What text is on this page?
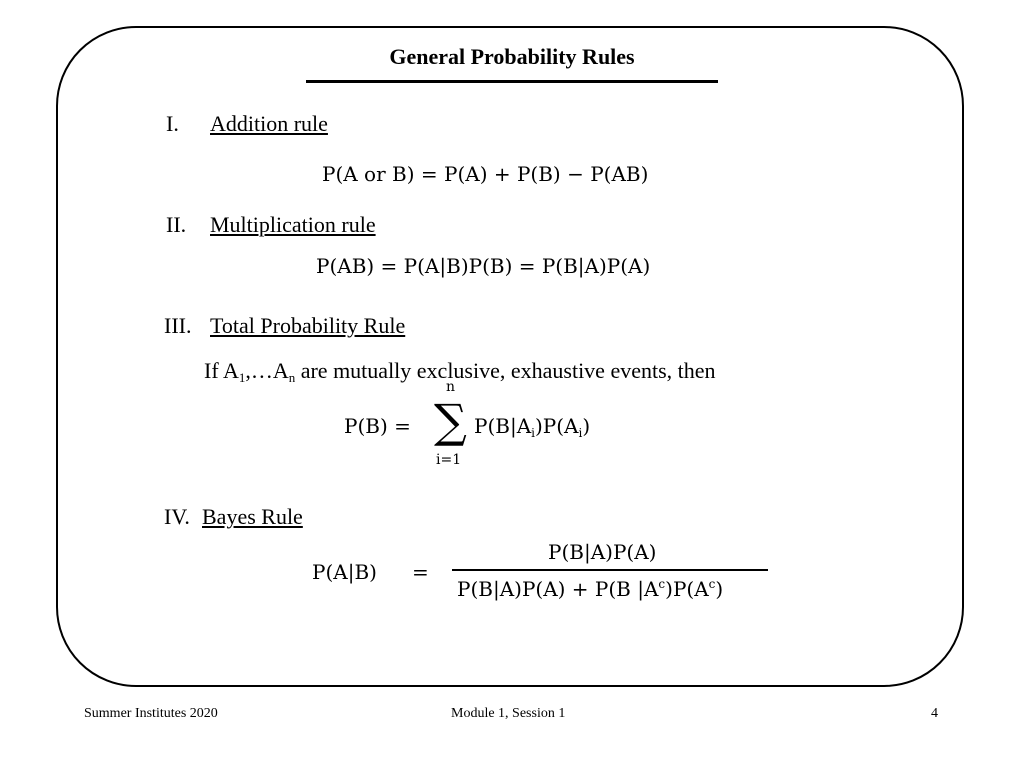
General Probability Rules
I. Addition rule
P(A or B) = P(A) + P(B) − P(AB)
II. Multiplication rule
P(AB) = P(A|B)P(B) = P(B|A)P(A)
III. Total Probability Rule
If $A_1,\dots A_n$ are mutually exclusive, exhaustive events, then
P(B) =
n
∑
i=1
$P(B|A_i)P(A_i)$
IV. Bayes Rule
P(A|B) =
P(B|A)P(A)
P(B|A)P(A) + P(B $|A^c)P(A^c)$
Summer Institutes 2020	Module 1, Session 1	4
